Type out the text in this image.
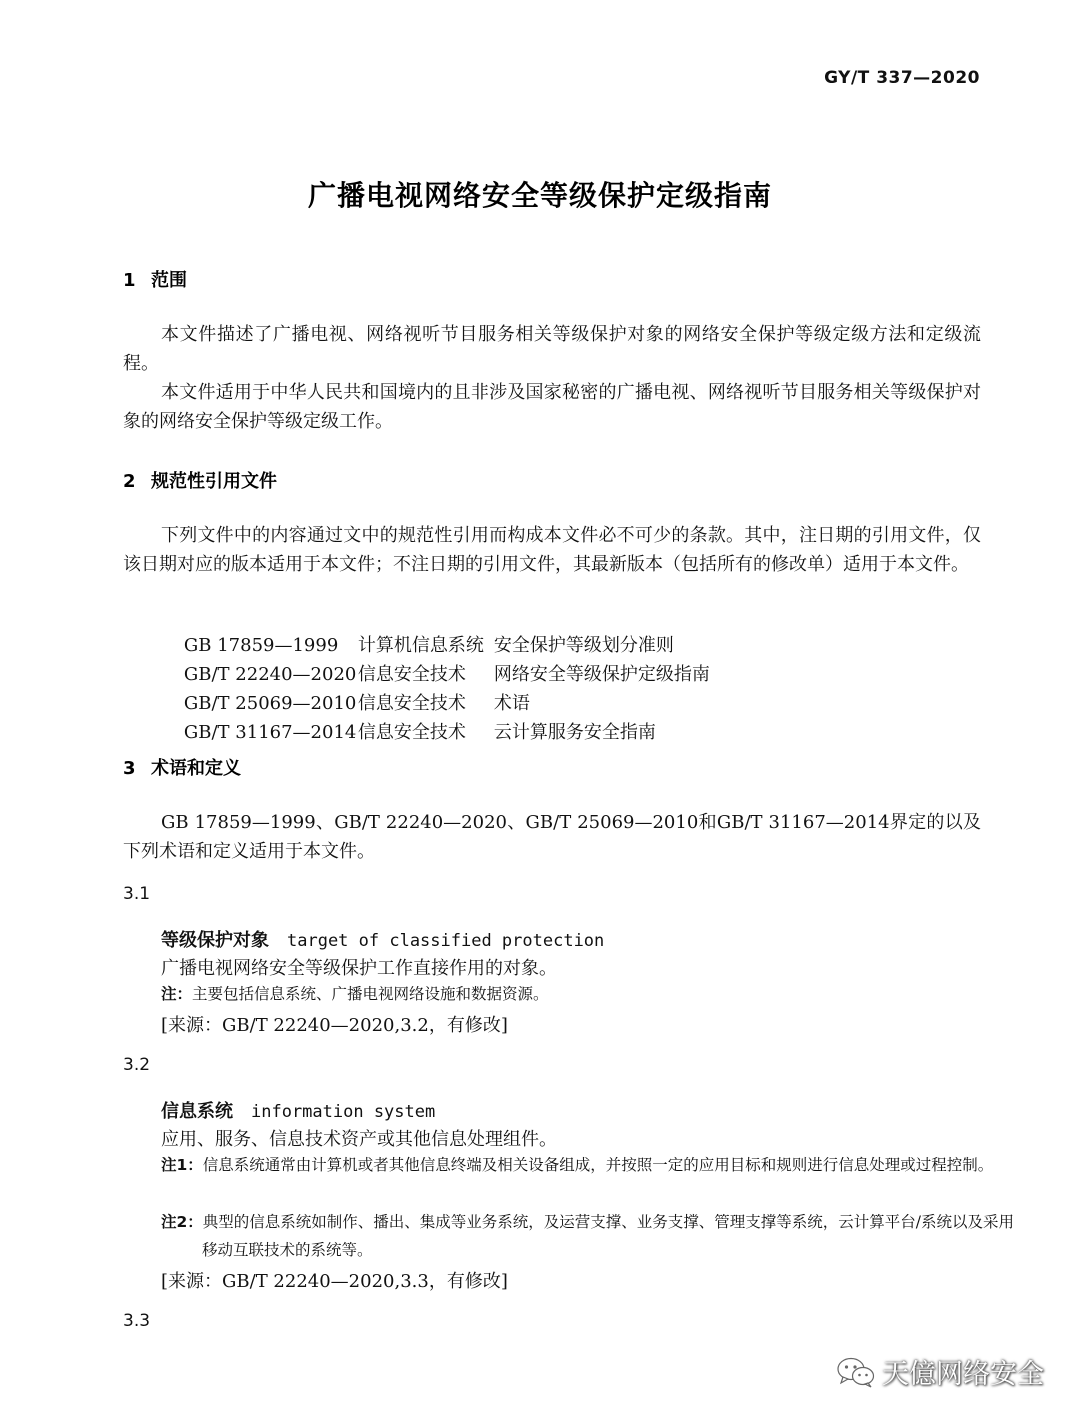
GY/T 337—2020
广播电视网络安全等级保护定级指南
1 范围

本文件描述了广播电视、网络视听节目服务相关等级保护对象的网络安全保护等级定级方法和定级流程。

本文件适用于中华人民共和国境内的且非涉及国家秘密的广播电视、网络视听节目服务相关等级保护对象的网络安全保护等级定级工作。

2 规范性引用文件

下列文件中的内容通过文中的规范性引用而构成本文件必不可少的条款。其中，注日期的引用文件，仅该日期对应的版本适用于本文件；不注日期的引用文件，其最新版本（包括所有的修改单）适用于本文件。

GB 17859—1999 计算机信息系统 安全保护等级划分准则

GB/T 22240—2020信息安全技术 网络安全等级保护定级指南

GB/T 25069—2010信息安全技术 术语

GB/T 31167—2014信息安全技术 云计算服务安全指南

3 术语和定义

GB 17859—1999、GB/T 22240—2020、GB/T 25069—2010和GB/T 31167—2014界定的以及下列术语和定义适用于本文件。

3.1
等级保护对象 target of classified protection
广播电视网络安全等级保护工作直接作用的对象。
注：主要包括信息系统、广播电视网络设施和数据资源。
[来源：GB/T 22240—2020,3.2，有修改]
3.2
信息系统 information system
应用、服务、信息技术资产或其他信息处理组件。
注1：信息系统通常由计算机或者其他信息终端及相关设备组成，并按照一定的应用目标和规则进行信息处理或过程控制。
注2：典型的信息系统如制作、播出、集成等业务系统，及运营支撑、业务支撑、管理支撑等系统，云计算平台/系统以及采用移动互联技术的系统等。
[来源：GB/T 22240—2020,3.3，有修改]
3.3
天億网络安全
